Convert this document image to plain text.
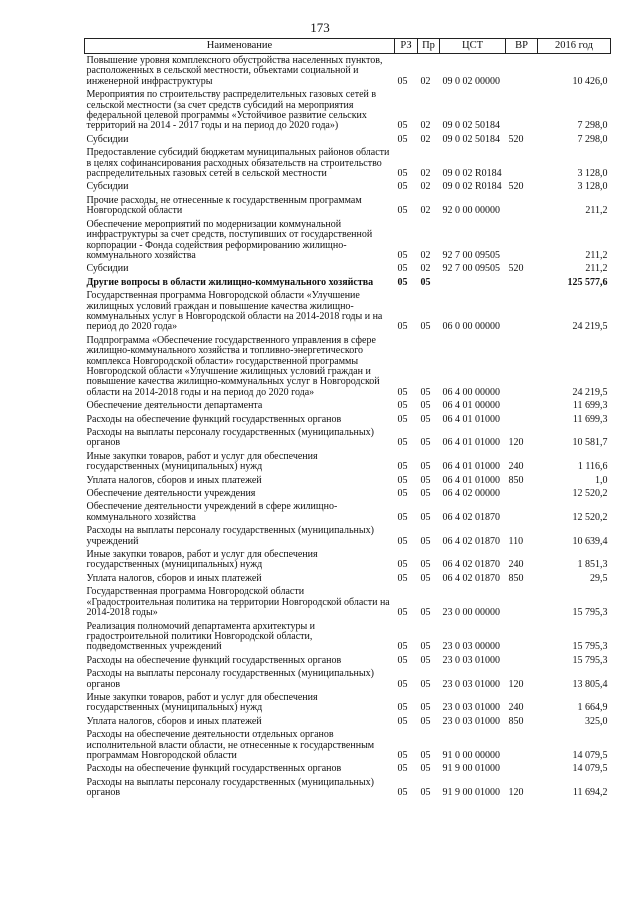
173
Наименование	РЗ	Пр	ЦСТ	ВР	2016 год

Повышение уровня комплексного обустройства населенных пунктов, расположенных в сельской местности, объектами социальной и инженерной инфраструктуры	05	02	09 0 02 00000		10 426,0

Мероприятия по строительству распределительных газовых сетей в сельской местности (за счет средств субсидий на мероприятия федеральной целевой программы «Устойчивое развитие сельских территорий на 2014 - 2017 годы и на период до 2020 года»)	05	02	09 0 02 50184		7 298,0

Субсидии	05	02	09 0 02 50184	520	7 298,0

Предоставление субсидий бюджетам муниципальных районов области в целях софинансирования расходных обязательств на строительство распределительных газовых сетей в сельской местности	05	02	09 0 02 R0184		3 128,0

Субсидии	05	02	09 0 02 R0184	520	3 128,0

Прочие расходы, не отнесенные к государственным программам Новгородской области	05	02	92 0 00 00000		211,2

Обеспечение мероприятий по модернизации коммунальной инфраструктуры за счет средств, поступивших от государственной корпорации - Фонда содействия реформированию жилищно-коммунального хозяйства	05	02	92 7 00 09505		211,2

Субсидии	05	02	92 7 00 09505	520	211,2

Другие вопросы в области жилищно-коммунального хозяйства	05	05			125 577,6

Государственная программа Новгородской области «Улучшение жилищных условий граждан и повышение качества жилищно-коммунальных услуг в Новгородской области на 2014-2018 годы и на период до 2020 года»	05	05	06 0 00 00000		24 219,5

Подпрограмма «Обеспечение государственного управления в сфере жилищно-коммунального хозяйства и топливно-энергетического комплекса Новгородской области» государственной программы Новгородской области «Улучшение жилищных условий граждан и повышение качества жилищно-коммунальных услуг в Новгородской области на 2014-2018 годы и на период до 2020 года»	05	05	06 4 00 00000		24 219,5

Обеспечение деятельности департамента	05	05	06 4 01 00000		11 699,3

Расходы на обеспечение функций государственных органов	05	05	06 4 01 01000		11 699,3

Расходы на выплаты персоналу государственных (муниципальных) органов	05	05	06 4 01 01000	120	10 581,7

Иные закупки товаров, работ и услуг для обеспечения государственных (муниципальных) нужд	05	05	06 4 01 01000	240	1 116,6

Уплата налогов, сборов и иных платежей	05	05	06 4 01 01000	850	1,0

Обеспечение деятельности учреждения	05	05	06 4 02 00000		12 520,2

Обеспечение деятельности учреждений в сфере жилищно-коммунального хозяйства	05	05	06 4 02 01870		12 520,2

Расходы на выплаты персоналу государственных (муниципальных) учреждений	05	05	06 4 02 01870	110	10 639,4

Иные закупки товаров, работ и услуг для обеспечения государственных (муниципальных) нужд	05	05	06 4 02 01870	240	1 851,3

Уплата налогов, сборов и иных платежей	05	05	06 4 02 01870	850	29,5

Государственная программа Новгородской области «Градостроительная политика на территории Новгородской области на 2014-2018 годы»	05	05	23 0 00 00000		15 795,3

Реализация полномочий департамента архитектуры и градостроительной политики Новгородской области, подведомственных учреждений	05	05	23 0 03 00000		15 795,3

Расходы на обеспечение функций государственных органов	05	05	23 0 03 01000		15 795,3

Расходы на выплаты персоналу государственных (муниципальных) органов	05	05	23 0 03 01000	120	13 805,4

Иные закупки товаров, работ и услуг для обеспечения государственных (муниципальных) нужд	05	05	23 0 03 01000	240	1 664,9

Уплата налогов, сборов и иных платежей	05	05	23 0 03 01000	850	325,0

Расходы на обеспечение деятельности отдельных органов исполнительной власти области, не отнесенные к государственным программам Новгородской области	05	05	91 0 00 00000		14 079,5

Расходы на обеспечение функций государственных органов	05	05	91 9 00 01000		14 079,5

Расходы на выплаты персоналу государственных (муниципальных) органов	05	05	91 9 00 01000	120	11 694,2
